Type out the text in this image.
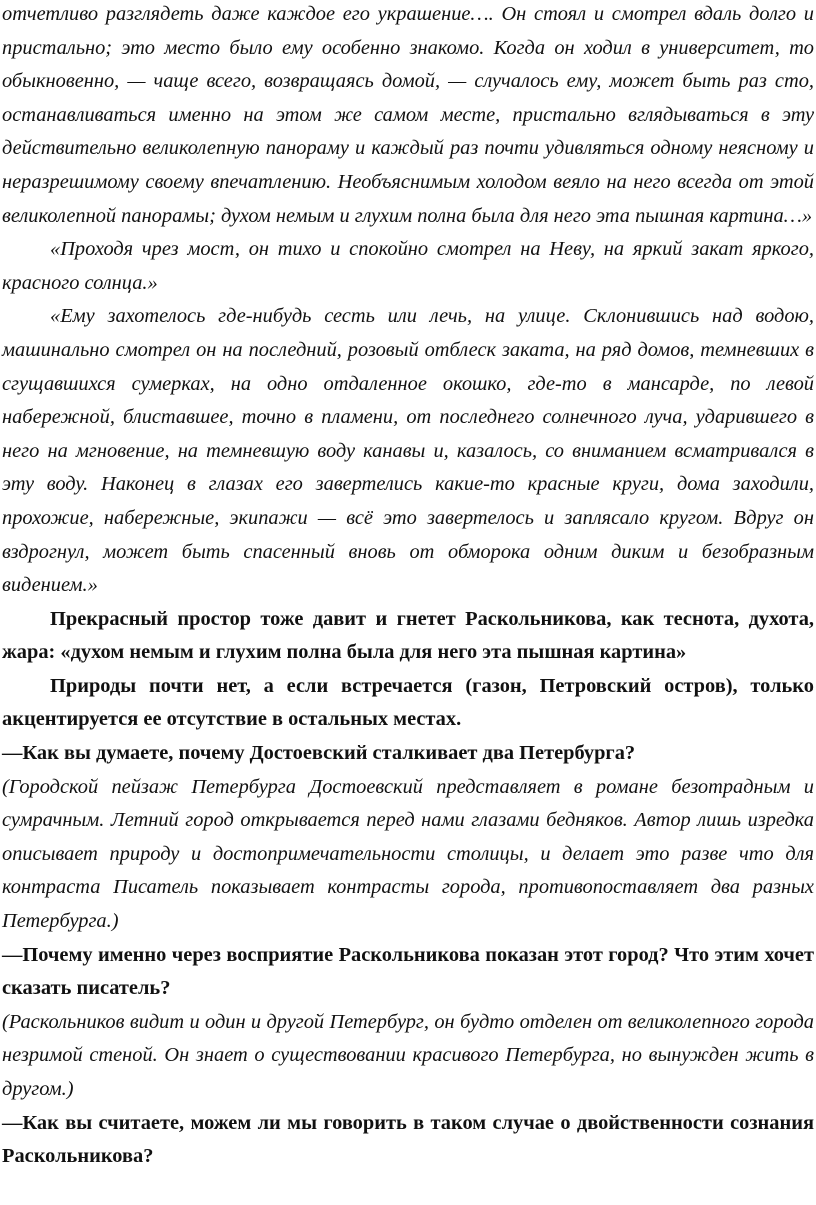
отчетливо разглядеть даже каждое его украшение…. Он стоял и смотрел вдаль долго и пристально; это место было ему особенно знакомо. Когда он ходил в университет, то обыкновенно, — чаще всего, возвращаясь домой, — случалось ему, может быть раз сто, останавливаться именно на этом же самом месте, пристально вглядываться в эту действительно великолепную панораму и каждый раз почти удивляться одному неясному и неразрешимому своему впечатлению. Необъяснимым холодом веяло на него всегда от этой великолепной панорамы; духом немым и глухим полна была для него эта пышная картина…»

«Проходя чрез мост, он тихо и спокойно смотрел на Неву, на яркий закат яркого, красного солнца.»

«Ему захотелось где-нибудь сесть или лечь, на улице. Склонившись над водою, машинально смотрел он на последний, розовый отблеск заката, на ряд домов, темневших в сгущавшихся сумерках, на одно отдаленное окошко, где-то в мансарде, по левой набережной, блиставшее, точно в пламени, от последнего солнечного луча, ударившего в него на мгновение, на темневшую воду канавы и, казалось, со вниманием всматривался в эту воду. Наконец в глазах его завертелись какие-то красные круги, дома заходили, прохожие, набережные, экипажи — всё это завертелось и заплясало кругом. Вдруг он вздрогнул, может быть спасенный вновь от обморока одним диким и безобразным видением.»

Прекрасный простор тоже давит и гнетет Раскольникова, как теснота, духота, жара: «духом немым и глухим полна была для него эта пышная картина»

Природы почти нет, а если встречается (газон, Петровский остров), только акцентируется ее отсутствие в остальных местах.

—Как вы думаете, почему Достоевский сталкивает два Петербурга?

(Городской пейзаж Петербурга Достоевский представляет в романе безотрадным и сумрачным. Летний город открывается перед нами глазами бедняков. Автор лишь изредка описывает природу и достопримечательности столицы, и делает это разве что для контраста Писатель показывает контрасты города, противопоставляет два разных Петербурга.)

—Почему именно через восприятие Раскольникова показан этот город? Что этим хочет сказать писатель?

(Раскольников видит и один и другой Петербург, он будто отделен от великолепного города незримой стеной. Он знает о существовании красивого Петербурга, но вынужден жить в другом.)

—Как вы считаете, можем ли мы говорить в таком случае о двойственности сознания Раскольникова?
